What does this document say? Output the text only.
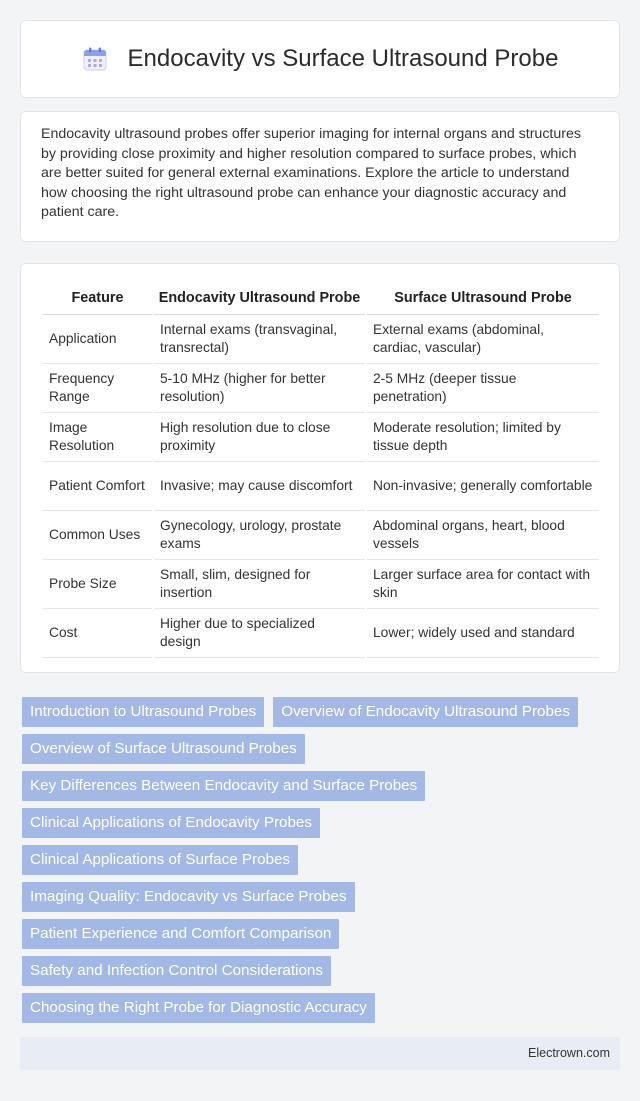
Endocavity vs Surface Ultrasound Probe

Endocavity ultrasound probes offer superior imaging for internal organs and structures by providing close proximity and higher resolution compared to surface probes, which are better suited for general external examinations. Explore the article to understand how choosing the right ultrasound probe can enhance your diagnostic accuracy and patient care.

Feature	Endocavity Ultrasound Probe	Surface Ultrasound Probe
Application	Internal exams (transvaginal, transrectal)	External exams (abdominal, cardiac, vascular)
Frequency Range	5-10 MHz (higher for better resolution)	2-5 MHz (deeper tissue penetration)
Image Resolution	High resolution due to close proximity	Moderate resolution; limited by tissue depth
Patient Comfort	Invasive; may cause discomfort	Non-invasive; generally comfortable
Common Uses	Gynecology, urology, prostate exams	Abdominal organs, heart, blood vessels
Probe Size	Small, slim, designed for insertion	Larger surface area for contact with skin
Cost	Higher due to specialized design	Lower; widely used and standard
Introduction to Ultrasound Probes	Overview of Endocavity Ultrasound Probes
Overview of Surface Ultrasound Probes
Key Differences Between Endocavity and Surface Probes
Clinical Applications of Endocavity Probes
Clinical Applications of Surface Probes
Imaging Quality: Endocavity vs Surface Probes
Patient Experience and Comfort Comparison
Safety and Infection Control Considerations
Choosing the Right Probe for Diagnostic Accuracy
Electrown.com
